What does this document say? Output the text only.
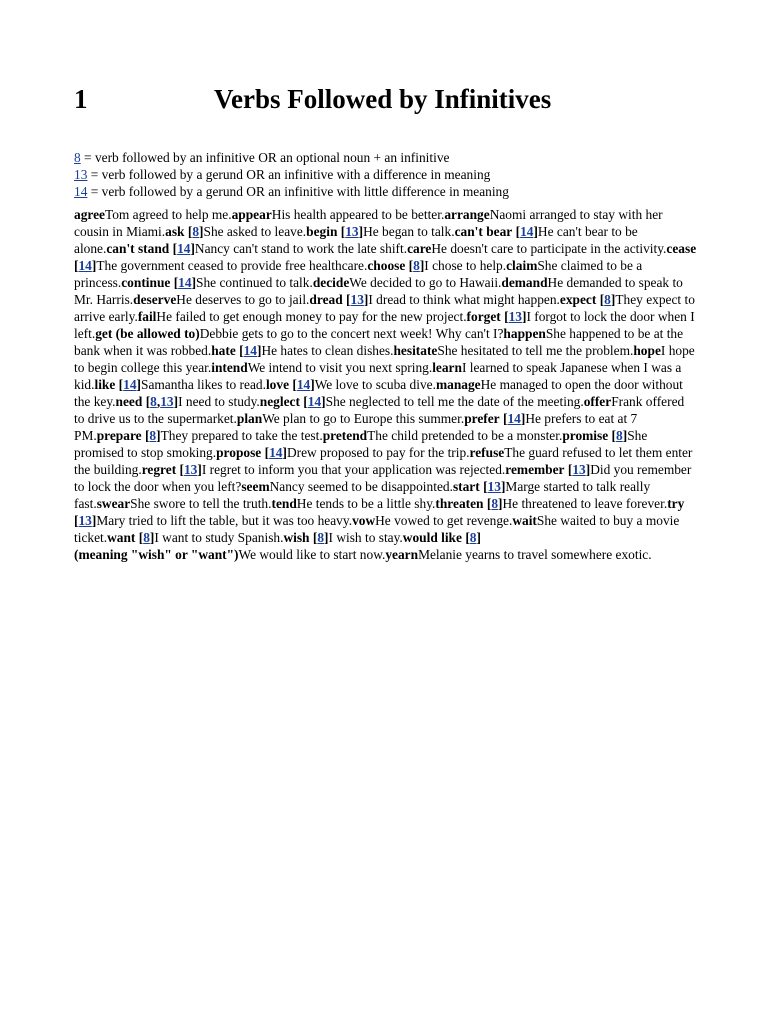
1	Verbs Followed by Infinitives
8 = verb followed by an infinitive OR an optional noun + an infinitive
13 = verb followed by a gerund OR an infinitive with a difference in meaning
14 = verb followed by a gerund OR an infinitive with little difference in meaning
agreeTom agreed to help me.appearHis health appeared to be better.arrangeNaomi arranged to stay with her cousin in Miami.ask [8]She asked to leave.begin [13]He began to talk.can't bear [14]He can't bear to be alone.can't stand [14]Nancy can't stand to work the late shift.careHe doesn't care to participate in the activity.cease [14]The government ceased to provide free healthcare.choose [8]I chose to help.claimShe claimed to be a princess.continue [14]She continued to talk.decideWe decided to go to Hawaii.demandHe demanded to speak to Mr. Harris.deserveHe deserves to go to jail.dread [13]I dread to think what might happen.expect [8]They expect to arrive early.failHe failed to get enough money to pay for the new project.forget [13]I forgot to lock the door when I left.get (be allowed to)Debbie gets to go to the concert next week! Why can't I?happenShe happened to be at the bank when it was robbed.hate [14]He hates to clean dishes.hesitateShe hesitated to tell me the problem.hopeI hope to begin college this year.intendWe intend to visit you next spring.learnI learned to speak Japanese when I was a kid.like [14]Samantha likes to read.love [14]We love to scuba dive.manageHe managed to open the door without the key.need [8,13]I need to study.neglect [14]She neglected to tell me the date of the meeting.offerFrank offered to drive us to the supermarket.planWe plan to go to Europe this summer.prefer [14]He prefers to eat at 7 PM.prepare [8]They prepared to take the test.pretendThe child pretended to be a monster.promise [8]She promised to stop smoking.propose [14]Drew proposed to pay for the trip.refuseThe guard refused to let them enter the building.regret [13]I regret to inform you that your application was rejected.remember [13]Did you remember to lock the door when you left?seemNancy seemed to be disappointed.start [13]Marge started to talk really fast.swearShe swore to tell the truth.tendHe tends to be a little shy.threaten [8]He threatened to leave forever.try [13]Mary tried to lift the table, but it was too heavy.vowHe vowed to get revenge.waitShe waited to buy a movie ticket.want [8]I want to study Spanish.wish [8]I wish to stay.would like [8]
(meaning "wish" or "want")We would like to start now.yearnMelanie yearns to travel somewhere exotic.
